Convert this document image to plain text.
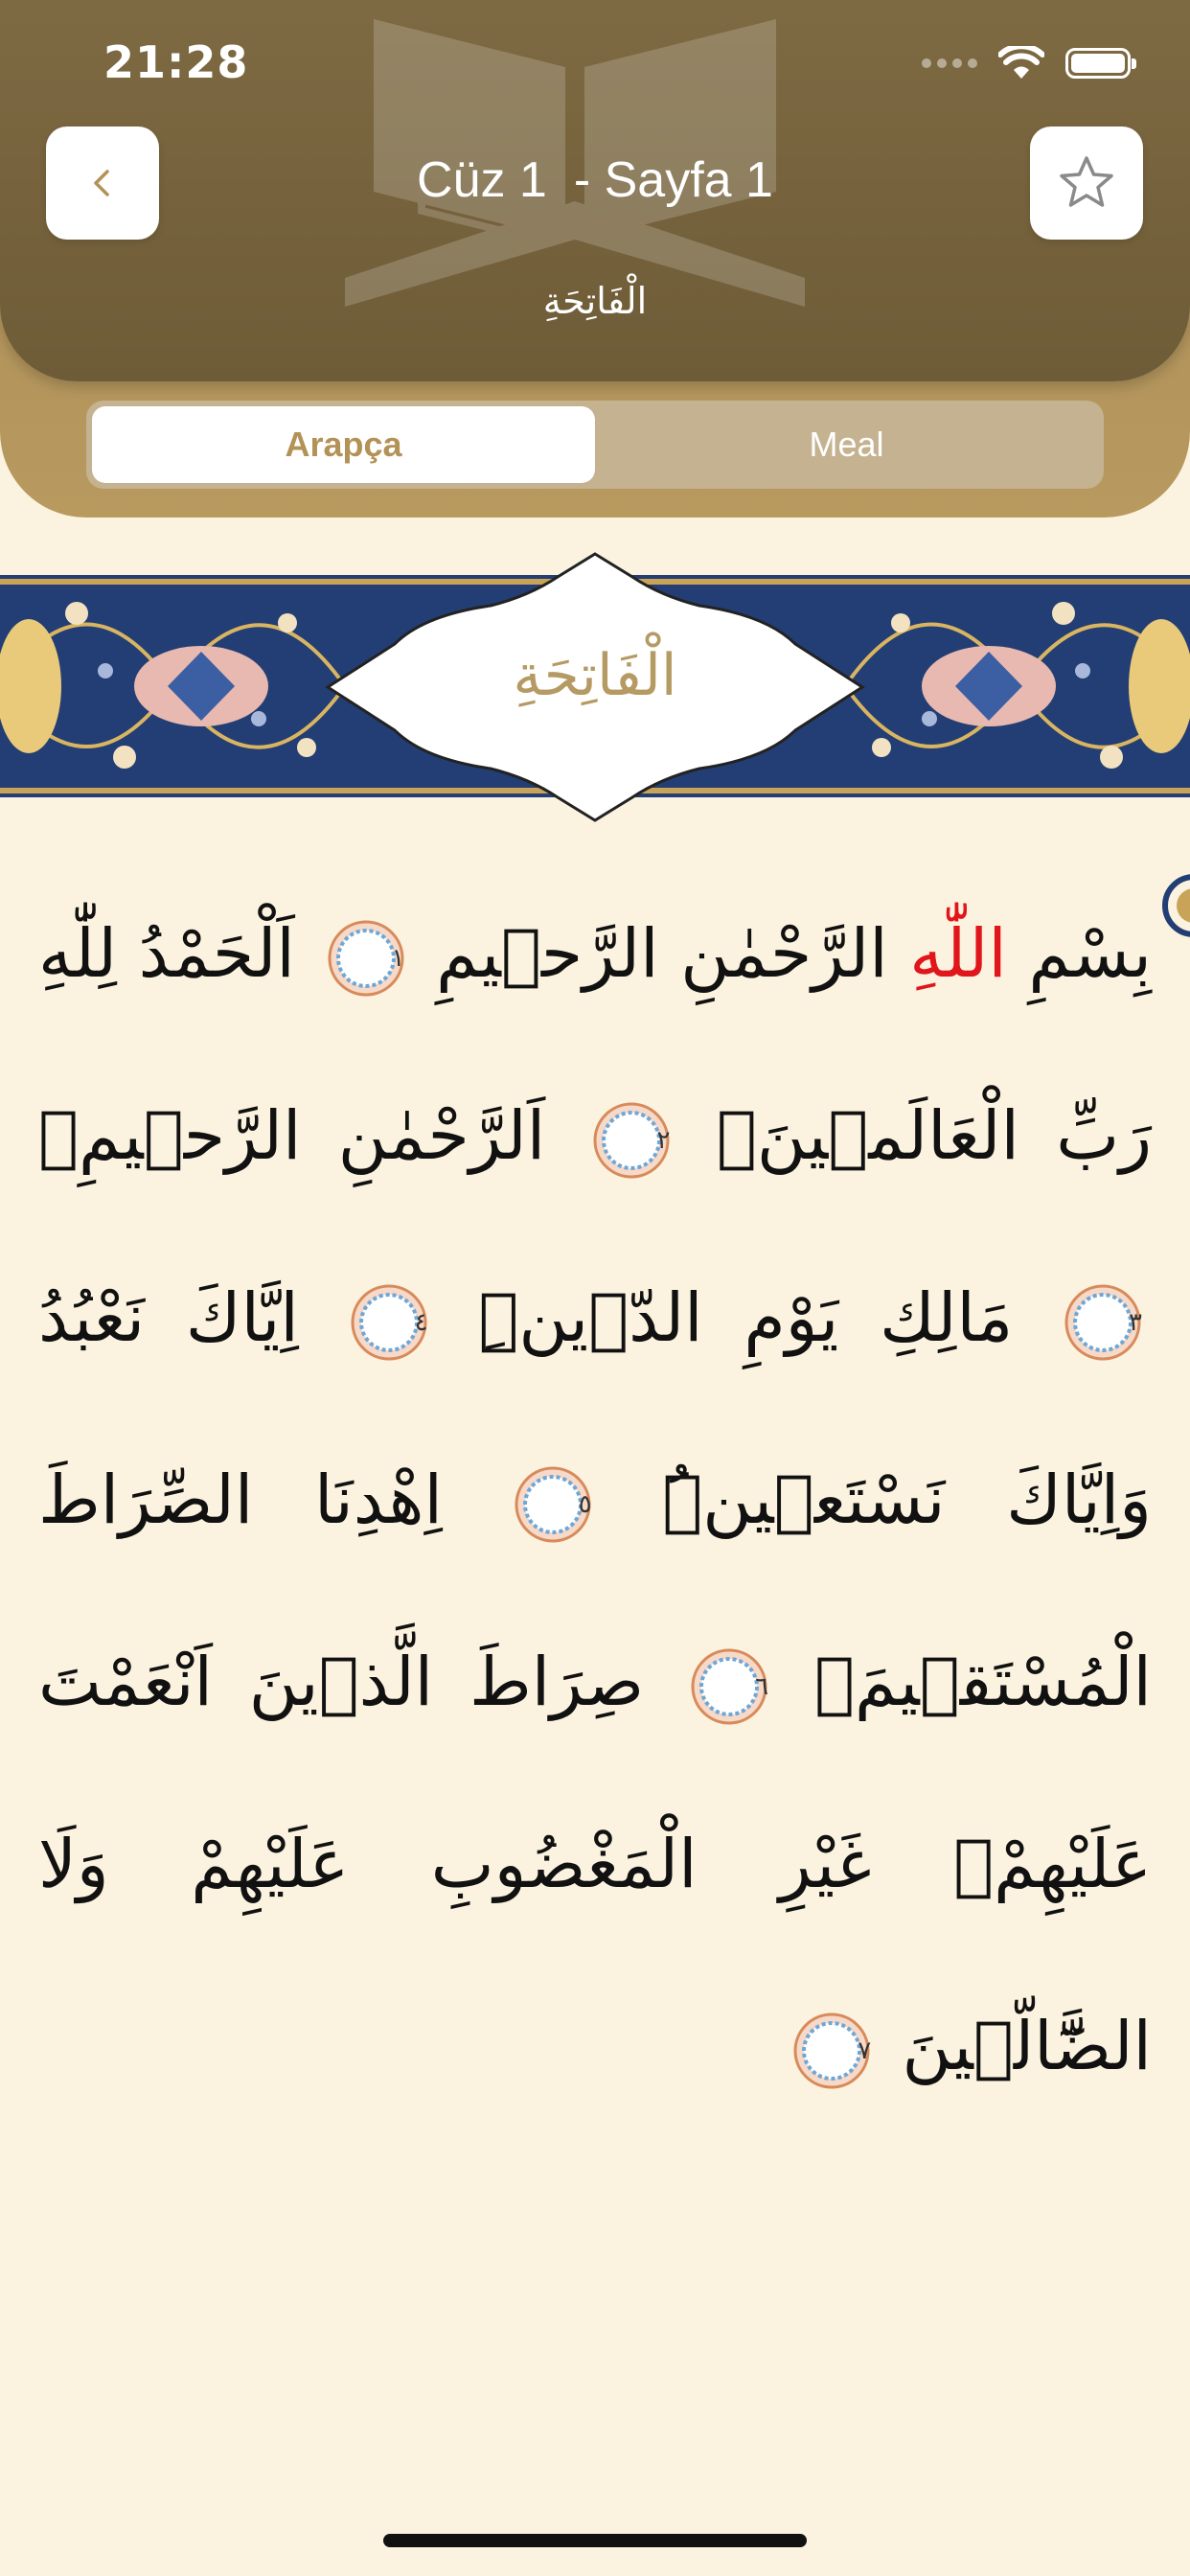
21:28
Cüz 1 - Sayfa 1
الْفَاتِحَةِ
Arapça	Meal
الْفَاتِحَةِ
بِسْمِ اللّٰهِ الرَّحْمٰنِ الرَّح۪يمِ
١
اَلْحَمْدُ لِلّٰهِ رَبِّ الْعَالَم۪ينَۙ
٢
اَلرَّحْمٰنِ الرَّح۪يمِۙ
٣
مَالِكِ يَوْمِ الدّ۪ينِۜ
٤
اِيَّاكَ نَعْبُدُ وَاِيَّاكَ نَسْتَع۪ينُۜ
٥
اِهْدِنَا الصِّرَاطَ الْمُسْتَق۪يمَۙ
٦
صِرَاطَ الَّذ۪ينَ اَنْعَمْتَ عَلَيْهِمْۙ غَيْرِ الْمَغْضُوبِ عَلَيْهِمْ وَلَا الضَّٓالّ۪ينَ
٧
